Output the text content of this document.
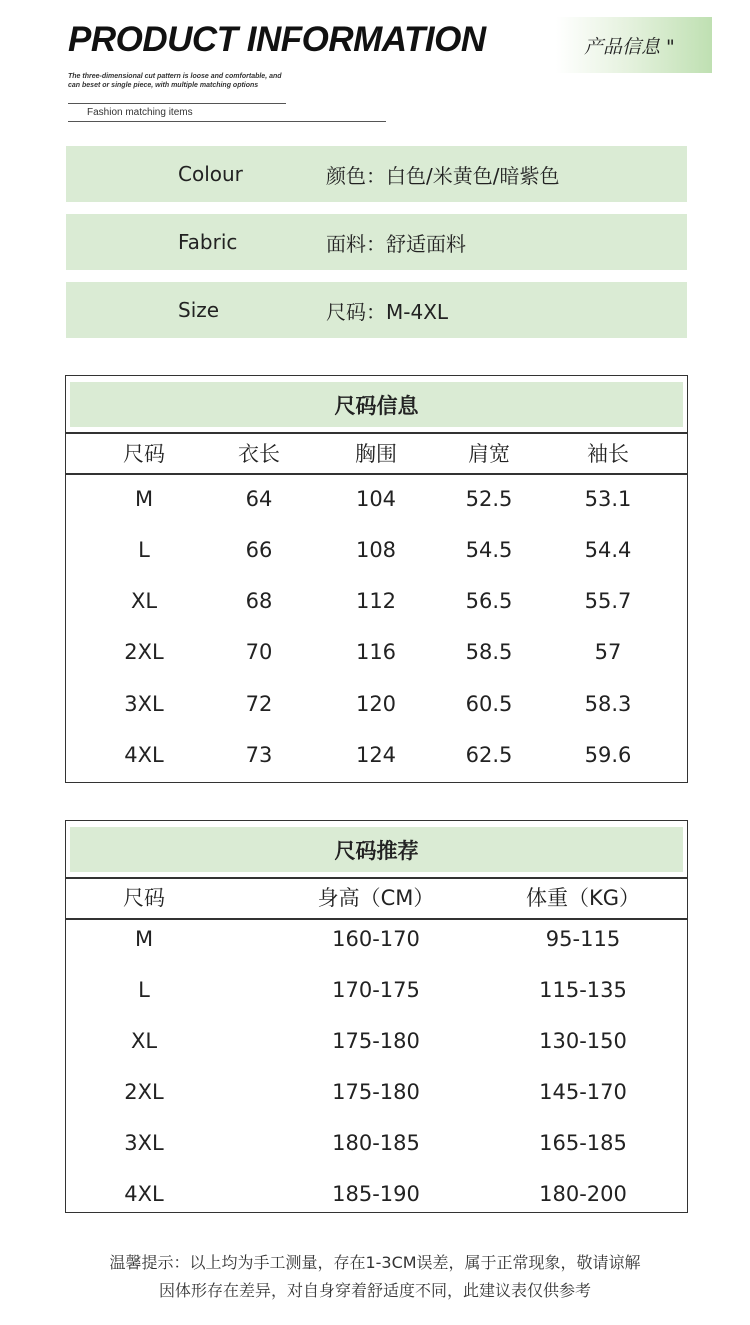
PRODUCT INFORMATION	产品信息 "
The three-dimensional cut pattern is loose and comfortable, and
can beset or single piece, with multiple matching options
Fashion matching items
Colour	颜色：白色/米黄色/暗紫色
Fabric	面料：舒适面料
Size	尺码：M-4XL
尺码信息
尺码	衣长	胸围	肩宽	袖长
M	64	104	52.5	53.1
L	66	108	54.5	54.4
XL	68	112	56.5	55.7
2XL	70	116	58.5	57
3XL	72	120	60.5	58.3
4XL	73	124	62.5	59.6
尺码推荐
尺码	身高（CM）	体重（KG）
M	160-170	95-115
L	170-175	115-135
XL	175-180	130-150
2XL	175-180	145-170
3XL	180-185	165-185
4XL	185-190	180-200
温馨提示：以上均为手工测量，存在1-3CM误差，属于正常现象，敬请谅解
因体形存在差异，对自身穿着舒适度不同，此建议表仅供参考
